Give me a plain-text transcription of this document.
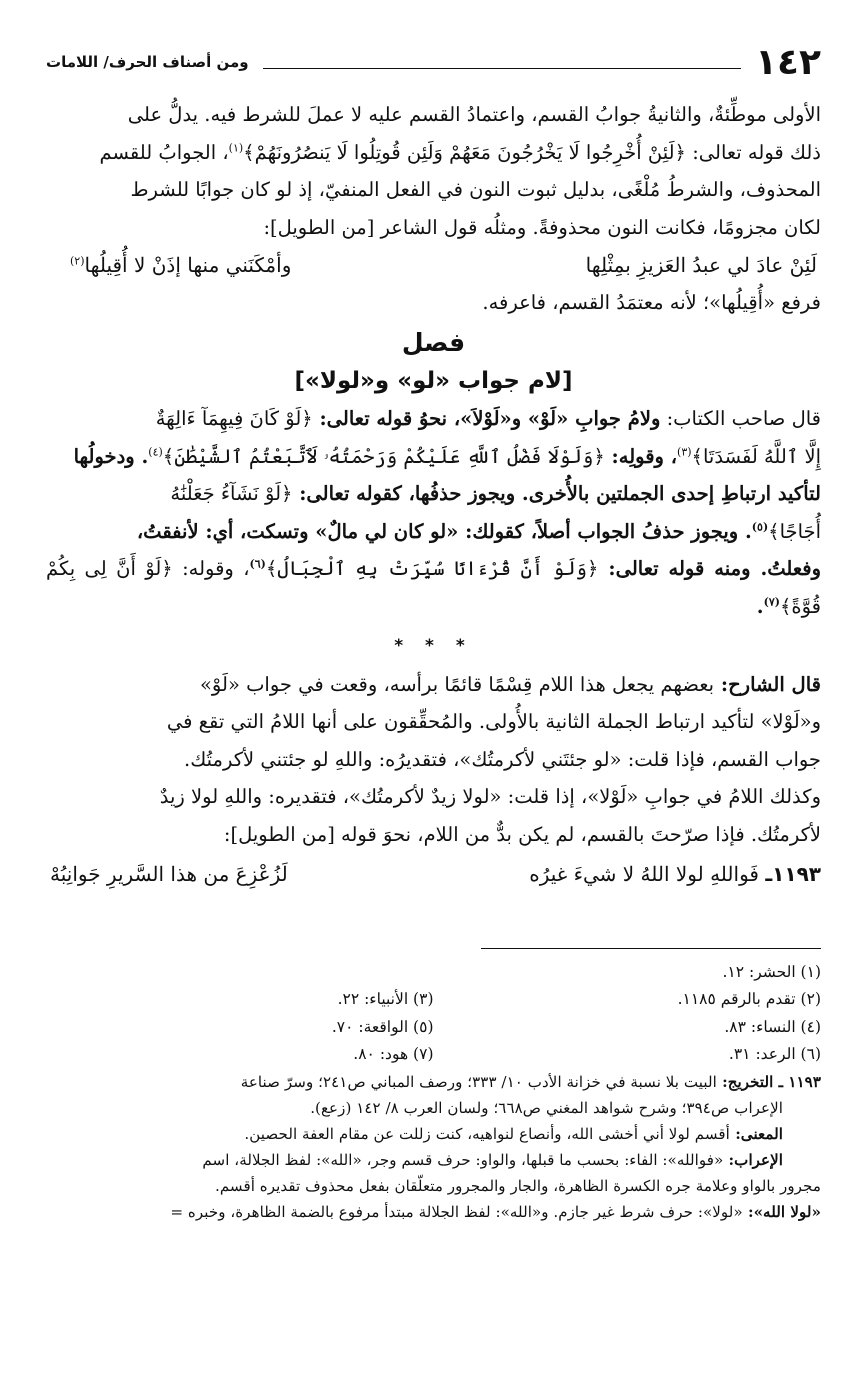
١٤٢
ومن أصناف الحرف/ اللامات

الأولى موطِّئةٌ، والثانيةُ جوابُ القسم، واعتمادُ القسم عليه لا عملَ للشرط فيه. يدلُّ على

ذلك قوله تعالى: ﴿لَئِنْ أُخْرِجُوا لَا يَخْرُجُونَ مَعَهُمْ وَلَئِن قُوتِلُوا لَا يَنصُرُونَهُمْ﴾$^{(١)}$، الجوابُ للقسم

المحذوف، والشرطُ مُلْغًى، بدليل ثبوت النون في الفعل المنفيّ، إذ لو كان جوابًا للشرط

لكان مجزومًا، فكانت النون محذوفةً. ومثلُه قول الشاعر [من الطويل]:

لَئِنْ عادَ لي عبدُ العَزيزِ بمِثْلِها
وأمْكَنَني منها إذَنْ لا أُقِيلُها$^{(٢)}$

فرفع «أُقِيلُها»؛ لأنه معتمَدُ القسم، فاعرفه.

فصل
[لام جواب «لو» و«لولا»]

قال صاحب الكتاب: ولامُ جوابِ «لَوْ» و«لَوْلاَ»، نحوُ قوله تعالى: ﴿لَوْ كَانَ فِيهِمَآ ءَالِهَةٌ

إِلَّا ٱللَّهُ لَفَسَدَتَا﴾$^{(٣)}$، وقولِه: ﴿وَلَوْلَا فَضْلُ ٱللَّهِ عَلَيْكُمْ وَرَحْمَتُهُۥ لَٱتَّبَعْتُمُ ٱلشَّيْطَٰنَ﴾$^{(٤)}$. ودخولُها

لتأكيد ارتباطِ إحدى الجملتين بالأُخرى. ويجوز حذفُها، كقوله تعالى: ﴿لَوْ نَشَآءُ جَعَلْنَٰهُ

أُجَاجًا﴾$^{(٥)}$. ويجوز حذفُ الجواب أصلاً، كقولك: «لو كان لي مالٌ» وتسكت، أي: لأنفقتُ،

وفعلتُ. ومنه قوله تعالى: ﴿وَلَوْ أَنَّ قُرْءَانًا سُيِّرَتْ بِهِ ٱلْجِبَالُ﴾$^{(٦)}$، وقوله: ﴿لَوْ أَنَّ لِى بِكُمْ قُوَّةً﴾$^{(٧)}$.

* * *

قال الشارح: بعضهم يجعل هذا اللام قِسْمًا قائمًا برأسه، وقعت في جواب «لَوْ»

و«لَوْلا» لتأكيد ارتباط الجملة الثانية بالأُولى. والمُحقِّقون على أنها اللامُ التي تقع في

جواب القسم، فإذا قلت: «لو جئتَني لأكرمتُك»، فتقديرُه: واللهِ لو جئتني لأكرمتُك.

وكذلك اللامُ في جوابِ «لَوْلا»، إذا قلت: «لولا زيدٌ لأكرمتُك»، فتقديره: واللهِ لولا زيدٌ

لأكرمتُك. فإذا صرّحتَ بالقسم، لم يكن بدٌّ من اللام، نحوَ قوله [من الطويل]:

١١٩٣ـ فَواللهِ لولا اللهُ لا شيءَ غيرُه
لَزُعْزِعَ من هذا السَّريرِ جَوانِبُهْ
(١) الحشر: ١٢.
(٢) تقدم بالرقم ١١٨٥.
(٣) الأنبياء: ٢٢.
(٤) النساء: ٨٣.
(٥) الواقعة: ٧٠.
(٦) الرعد: ٣١.
(٧) هود: ٨٠.

١١٩٣ ـ التخريج: البيت بلا نسبة في خزانة الأدب ١٠/ ٣٣٣؛ ورصف المباني ص٢٤١؛ وسرّ صناعة

الإعراب ص٣٩٤؛ وشرح شواهد المغني ص٦٦٨؛ ولسان العرب ٨/ ١٤٢ (زعع).

المعنى: أقسم لولا أني أخشى الله، وأنصاع لنواهيه، كنت زللت عن مقام العفة الحصين.

الإعراب: «فوالله»: الفاء: بحسب ما قبلها، والواو: حرف قسم وجر، «الله»: لفظ الجلالة، اسم

مجرور بالواو وعلامة جره الكسرة الظاهرة، والجار والمجرور متعلّقان بفعل محذوف تقديره أقسم.

«لولا الله»: «لولا»: حرف شرط غير جازم. و«الله»: لفظ الجلالة مبتدأ مرفوع بالضمة الظاهرة، وخبره =
